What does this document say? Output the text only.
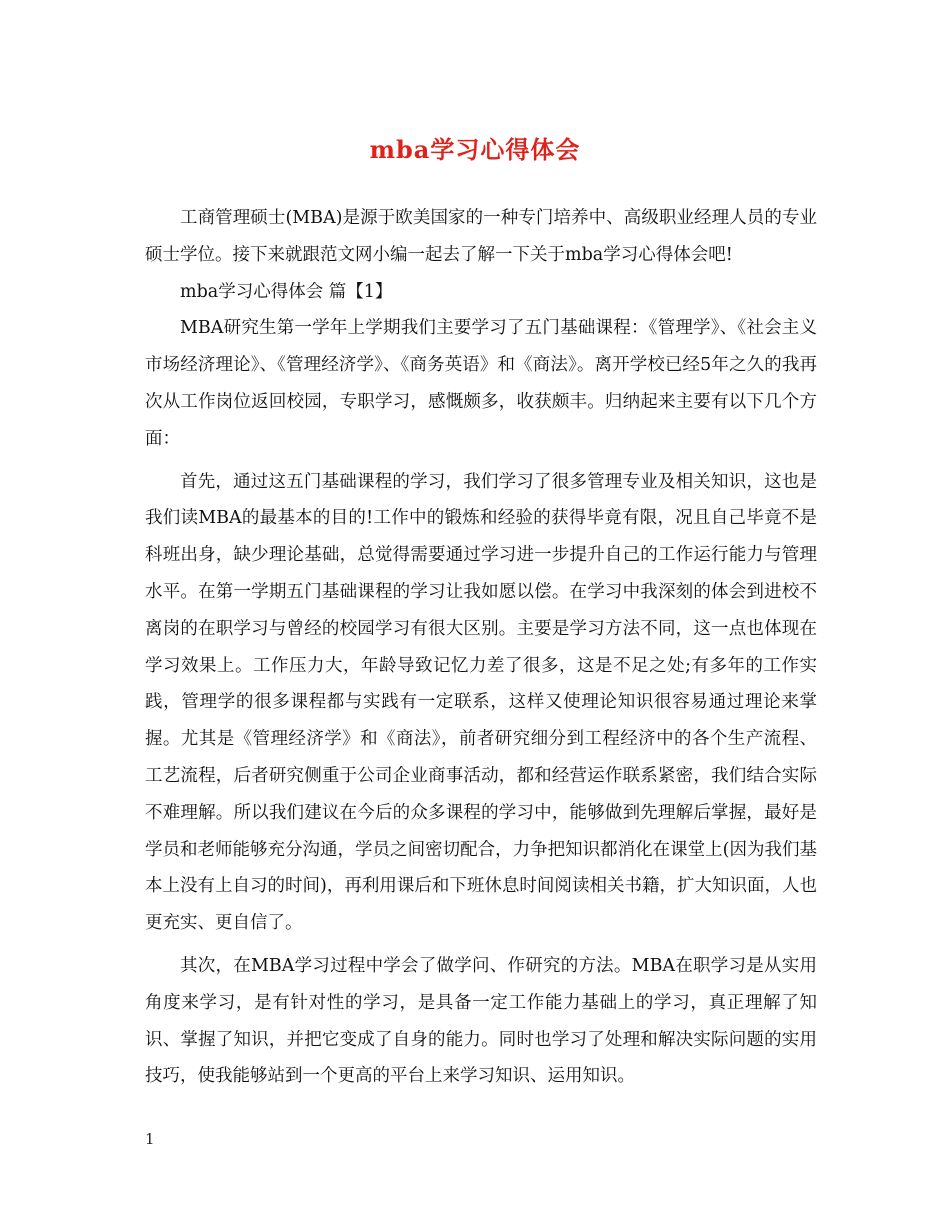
mba学习心得体会

工商管理硕士(MBA)是源于欧美国家的一种专门培养中、高级职业经理人员的专业硕士学位。接下来就跟范文网小编一起去了解一下关于mba学习心得体会吧!

mba学习心得体会 篇【1】

MBA研究生第一学年上学期我们主要学习了五门基础课程：《管理学》、《社会主义市场经济理论》、《管理经济学》、《商务英语》和《商法》。离开学校已经5年之久的我再次从工作岗位返回校园，专职学习，感慨颇多，收获颇丰。归纳起来主要有以下几个方面：

首先，通过这五门基础课程的学习，我们学习了很多管理专业及相关知识，这也是我们读MBA的最基本的目的!工作中的锻炼和经验的获得毕竟有限，况且自己毕竟不是科班出身，缺少理论基础，总觉得需要通过学习进一步提升自己的工作运行能力与管理水平。在第一学期五门基础课程的学习让我如愿以偿。在学习中我深刻的体会到进校不离岗的在职学习与曾经的校园学习有很大区别。主要是学习方法不同，这一点也体现在学习效果上。工作压力大，年龄导致记忆力差了很多，这是不足之处;有多年的工作实践，管理学的很多课程都与实践有一定联系，这样又使理论知识很容易通过理论来掌握。尤其是《管理经济学》和《商法》，前者研究细分到工程经济中的各个生产流程、工艺流程，后者研究侧重于公司企业商事活动，都和经营运作联系紧密，我们结合实际不难理解。所以我们建议在今后的众多课程的学习中，能够做到先理解后掌握，最好是学员和老师能够充分沟通，学员之间密切配合，力争把知识都消化在课堂上(因为我们基本上没有上自习的时间)，再利用课后和下班休息时间阅读相关书籍，扩大知识面，人也更充实、更自信了。

其次，在MBA学习过程中学会了做学问、作研究的方法。MBA在职学习是从实用角度来学习，是有针对性的学习，是具备一定工作能力基础上的学习，真正理解了知识、掌握了知识，并把它变成了自身的能力。同时也学习了处理和解决实际问题的实用技巧，使我能够站到一个更高的平台上来学习知识、运用知识。

1
